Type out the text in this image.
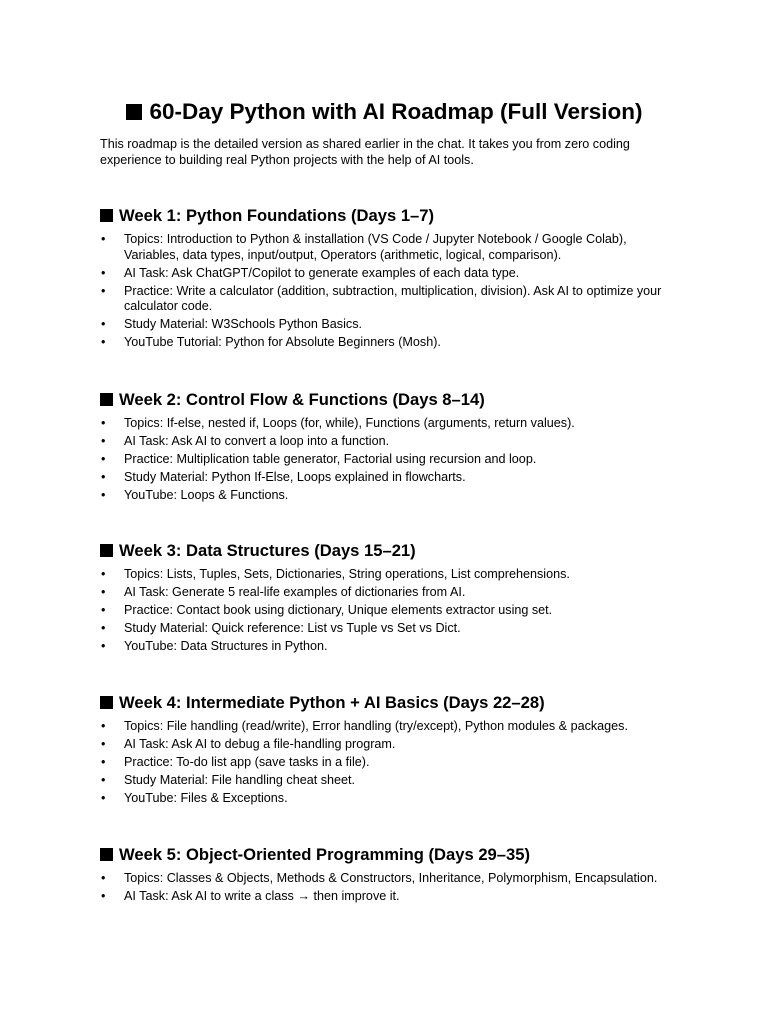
60-Day Python with AI Roadmap (Full Version)

This roadmap is the detailed version as shared earlier in the chat. It takes you from zero coding experience to building real Python projects with the help of AI tools.

Week 1: Python Foundations (Days 1–7)
• Topics: Introduction to Python & installation (VS Code / Jupyter Notebook / Google Colab), Variables, data types, input/output, Operators (arithmetic, logical, comparison).
• AI Task: Ask ChatGPT/Copilot to generate examples of each data type.
• Practice: Write a calculator (addition, subtraction, multiplication, division). Ask AI to optimize your calculator code.
• Study Material: W3Schools Python Basics.
• YouTube Tutorial: Python for Absolute Beginners (Mosh).
Week 2: Control Flow & Functions (Days 8–14)
• Topics: If-else, nested if, Loops (for, while), Functions (arguments, return values).
• AI Task: Ask AI to convert a loop into a function.
• Practice: Multiplication table generator, Factorial using recursion and loop.
• Study Material: Python If-Else, Loops explained in flowcharts.
• YouTube: Loops & Functions.
Week 3: Data Structures (Days 15–21)
• Topics: Lists, Tuples, Sets, Dictionaries, String operations, List comprehensions.
• AI Task: Generate 5 real-life examples of dictionaries from AI.
• Practice: Contact book using dictionary, Unique elements extractor using set.
• Study Material: Quick reference: List vs Tuple vs Set vs Dict.
• YouTube: Data Structures in Python.
Week 4: Intermediate Python + AI Basics (Days 22–28)
• Topics: File handling (read/write), Error handling (try/except), Python modules & packages.
• AI Task: Ask AI to debug a file-handling program.
• Practice: To-do list app (save tasks in a file).
• Study Material: File handling cheat sheet.
• YouTube: Files & Exceptions.
Week 5: Object-Oriented Programming (Days 29–35)
• Topics: Classes & Objects, Methods & Constructors, Inheritance, Polymorphism, Encapsulation.
• AI Task: Ask AI to write a class → then improve it.
